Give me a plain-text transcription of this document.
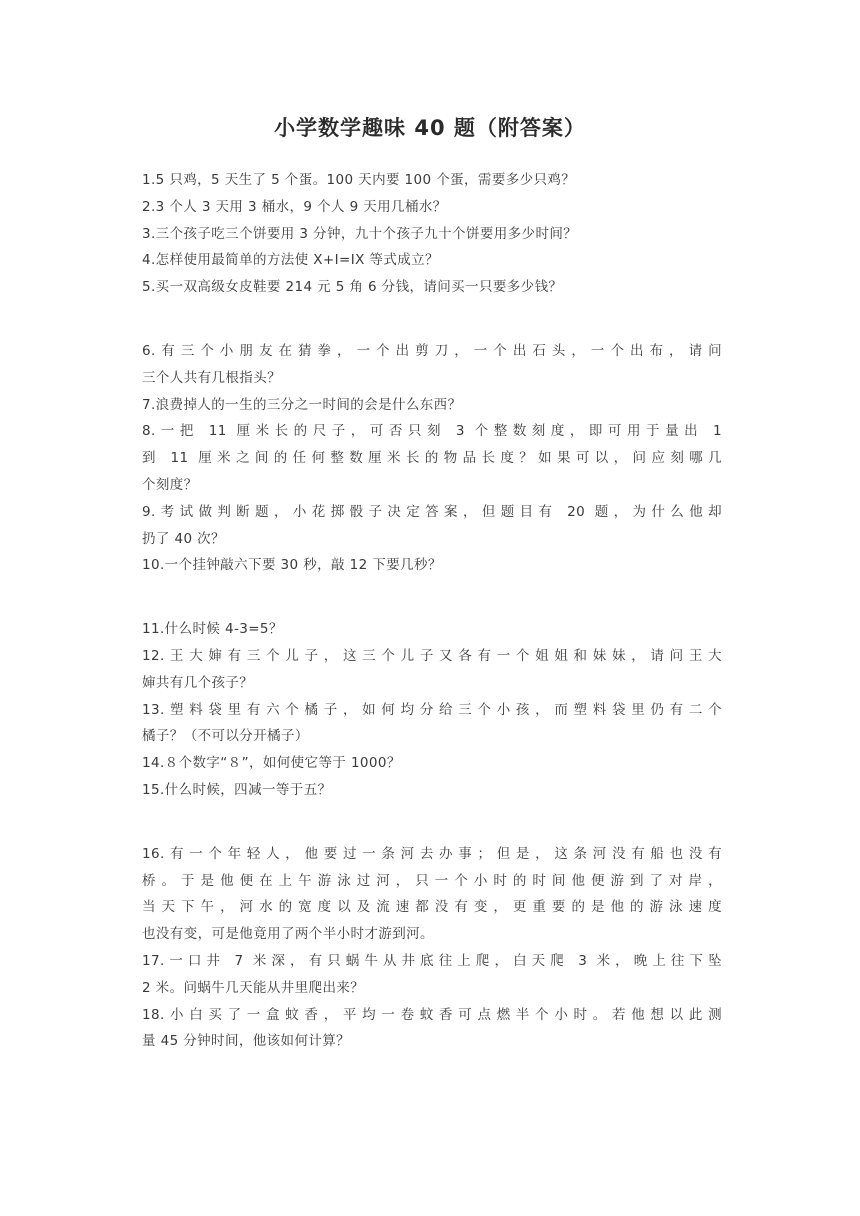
小学数学趣味 40 题（附答案）
1.5 只鸡，5 天生了 5 个蛋。100 天内要 100 个蛋，需要多少只鸡？
2.3 个人 3 天用 3 桶水，9 个人 9 天用几桶水？
3.三个孩子吃三个饼要用 3 分钟，九十个孩子九十个饼要用多少时间？
4.怎样使用最简单的方法使 X+I=IX 等式成立？
5.买一双高级女皮鞋要 214 元 5 角 6 分钱，请问买一只要多少钱？
6.有三个小朋友在猜拳，一个出剪刀，一个出石头，一个出布，请问
三个人共有几根指头？
7.浪费掉人的一生的三分之一时间的会是什么东西？
8.一把 11 厘米长的尺子，可否只刻 3 个整数刻度，即可用于量出 1
到 11 厘米之间的任何整数厘米长的物品长度？如果可以，问应刻哪几
个刻度？
9.考试做判断题，小花掷骰子决定答案，但题目有 20 题，为什么他却
扔了 40 次？
10.一个挂钟敲六下要 30 秒，敲 12 下要几秒？
11.什么时候 4-3=5？
12.王大婶有三个儿子，这三个儿子又各有一个姐姐和妹妹，请问王大
婶共有几个孩子？
13.塑料袋里有六个橘子，如何均分给三个小孩，而塑料袋里仍有二个
橘子？（不可以分开橘子）
14.８个数字“８”，如何使它等于 1000？
15.什么时候，四减一等于五？
16.有一个年轻人，他要过一条河去办事；但是，这条河没有船也没有
桥。于是他便在上午游泳过河，只一个小时的时间他便游到了对岸，
当天下午，河水的宽度以及流速都没有变，更重要的是他的游泳速度
也没有变，可是他竟用了两个半小时才游到河。
17.一口井 7 米深，有只蜗牛从井底往上爬，白天爬 3 米，晚上往下坠
2 米。问蜗牛几天能从井里爬出来？
18.小白买了一盒蚊香，平均一卷蚊香可点燃半个小时。若他想以此测
量 45 分钟时间，他该如何计算？
